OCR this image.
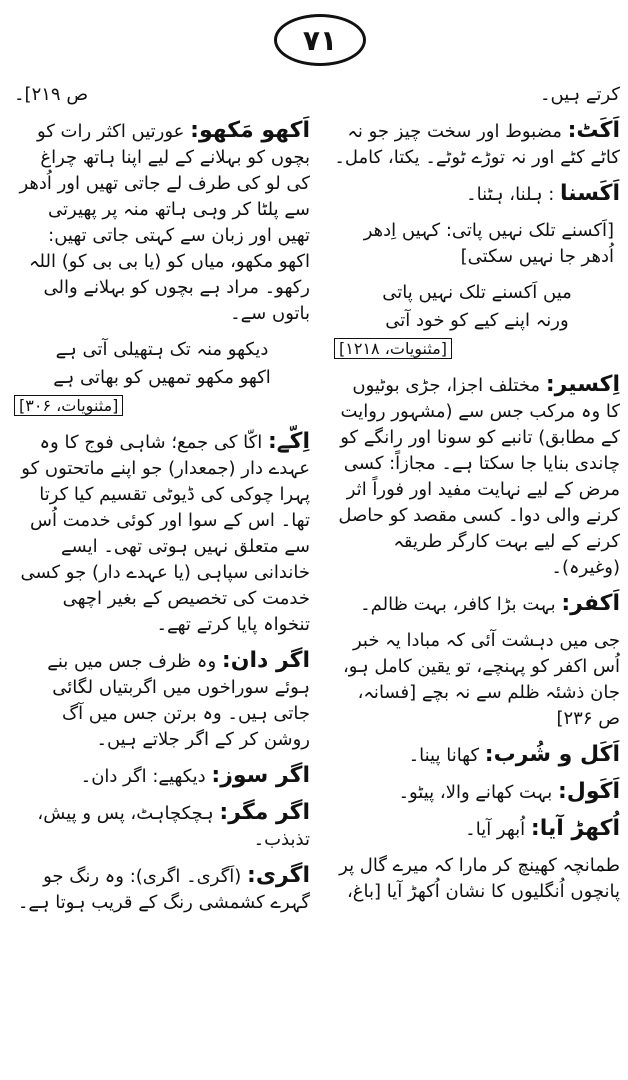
۷۱
کرتے ہیں۔
اَکَٹ: مضبوط اور سخت چیز جو نہ کاٹے کٹے اور نہ توڑے ٹوٹے۔ یکتا، کامل۔
اَکَسنا : ہلنا، ہٹنا۔
[اَکسنے تلک نہیں پاتی: کہیں اِدھر اُدھر جا نہیں سکتی]
میں اَکسنے تلک نہیں پاتی
ورنہ اپنے کیے کو خود آتی
[مثنویات، ۱۲۱۸]
اِکسیر: مختلف اجزا، جڑی بوٹیوں کا وہ مرکب جس سے (مشہور روایت کے مطابق) تانبے کو سونا اور رانگے کو چاندی بنایا جا سکتا ہے۔ مجازاً: کسی مرض کے لیے نہایت مفید اور فوراً اثر کرنے والی دوا۔ کسی مقصد کو حاصل کرنے کے لیے بہت کارگر طریقہ (وغیرہ)۔
اَکفر: بہت بڑا کافر، بہت ظالم۔
جی میں دہشت آئی کہ مبادا یہ خبر اُس اکفر کو پہنچے، تو یقین کامل ہو، جان ذشئہ ظلم سے نہ بچے [فسانہ، ص ۲۳۶]
اَکَل و شُرب: کھانا پینا۔
اَکَول: بہت کھانے والا، پیٹو۔
اُکھڑ آیا: اُبھر آیا۔
طمانچہ کھینچ کر مارا کہ میرے گال پر پانچوں اُنگلیوں کا نشان اُکھڑ آیا [باغ،
ص ۲۱۹]۔
اَکھو مَکھو: عورتیں اکثر رات کو بچوں کو بہلانے کے لیے اپنا ہاتھ چراغ کی لو کی طرف لے جاتی تھیں اور اُدھر سے پلٹا کر وہی ہاتھ منہ پر پھیرتی تھیں اور زبان سے کہتی جاتی تھیں: اکھو مکھو، میاں کو (یا بی بی کو) اللہ رکھو۔ مراد ہے بچوں کو بہلانے والی باتوں سے۔
دیکھو منہ تک ہتھیلی آتی ہے
اکھو مکھو تمھیں کو بھاتی ہے
[مثنویات، ۳۰۶]
اِکّے: اکّا کی جمع؛ شاہی فوج کا وہ عہدے دار (جمعدار) جو اپنے ماتحتوں کو پہرا چوکی کی ڈیوٹی تقسیم کیا کرتا تھا۔ اس کے سوا اور کوئی خدمت اُس سے متعلق نہیں ہوتی تھی۔ ایسے خاندانی سپاہی (یا عہدے دار) جو کسی خدمت کی تخصیص کے بغیر اچھی تنخواہ پایا کرتے تھے۔
اگر دان: وہ ظرف جس میں بنے ہوئے سوراخوں میں اگربتیاں لگائی جاتی ہیں۔ وہ برتن جس میں آگ روشن کر کے اگر جلاتے ہیں۔
اگر سوز: دیکھیے: اگر دان۔
اگر مگر: ہچکچاہٹ، پس و پیش، تذبذب۔
اگری: (اَگری۔ اگری): وہ رنگ جو گہرے کشمشی رنگ کے قریب ہوتا ہے۔
